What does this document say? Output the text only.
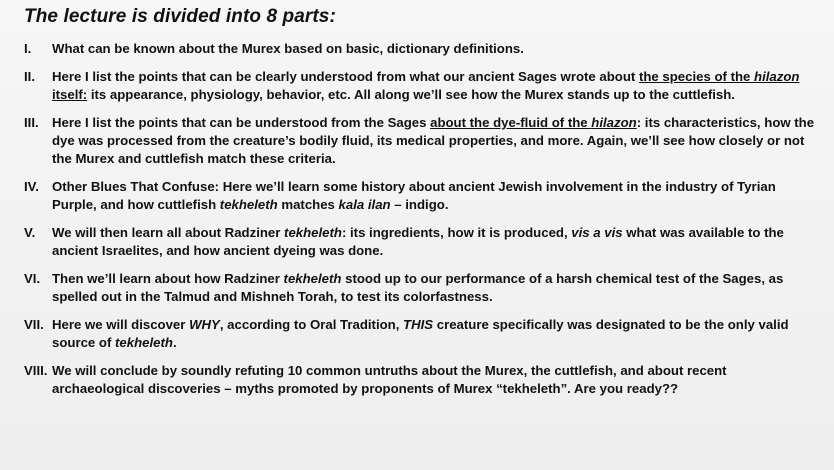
The lecture is divided into 8 parts:
I.	What can be known about the Murex based on basic, dictionary definitions.
II.	Here I list the points that can be clearly understood from what our ancient Sages wrote about the species of the hilazon itself: its appearance, physiology, behavior, etc. All along we’ll see how the Murex stands up to the cuttlefish.
III.	Here I list the points that can be understood from the Sages about the dye-fluid of the hilazon: its characteristics, how the dye was processed from the creature’s bodily fluid, its medical properties, and more. Again, we’ll see how closely or not the Murex and cuttlefish match these criteria.
IV. Other Blues That Confuse: Here we’ll learn some history about ancient Jewish involvement in the industry of Tyrian Purple, and how cuttlefish tekheleth matches kala ilan – indigo.
V.	We will then learn all about Radziner tekheleth: its ingredients, how it is produced, vis a vis what was available to the ancient Israelites, and how ancient dyeing was done.
VI. Then we’ll learn about how Radziner tekheleth stood up to our performance of a harsh chemical test of the Sages, as spelled out in the Talmud and Mishneh Torah, to test its colorfastness.
VII. Here we will discover WHY, according to Oral Tradition, THIS creature specifically was designated to be the only valid source of tekheleth.
VIII. We will conclude by soundly refuting 10 common untruths about the Murex, the cuttlefish, and about recent archaeological discoveries – myths promoted by proponents of Murex “tekheleth”. Are you ready??
